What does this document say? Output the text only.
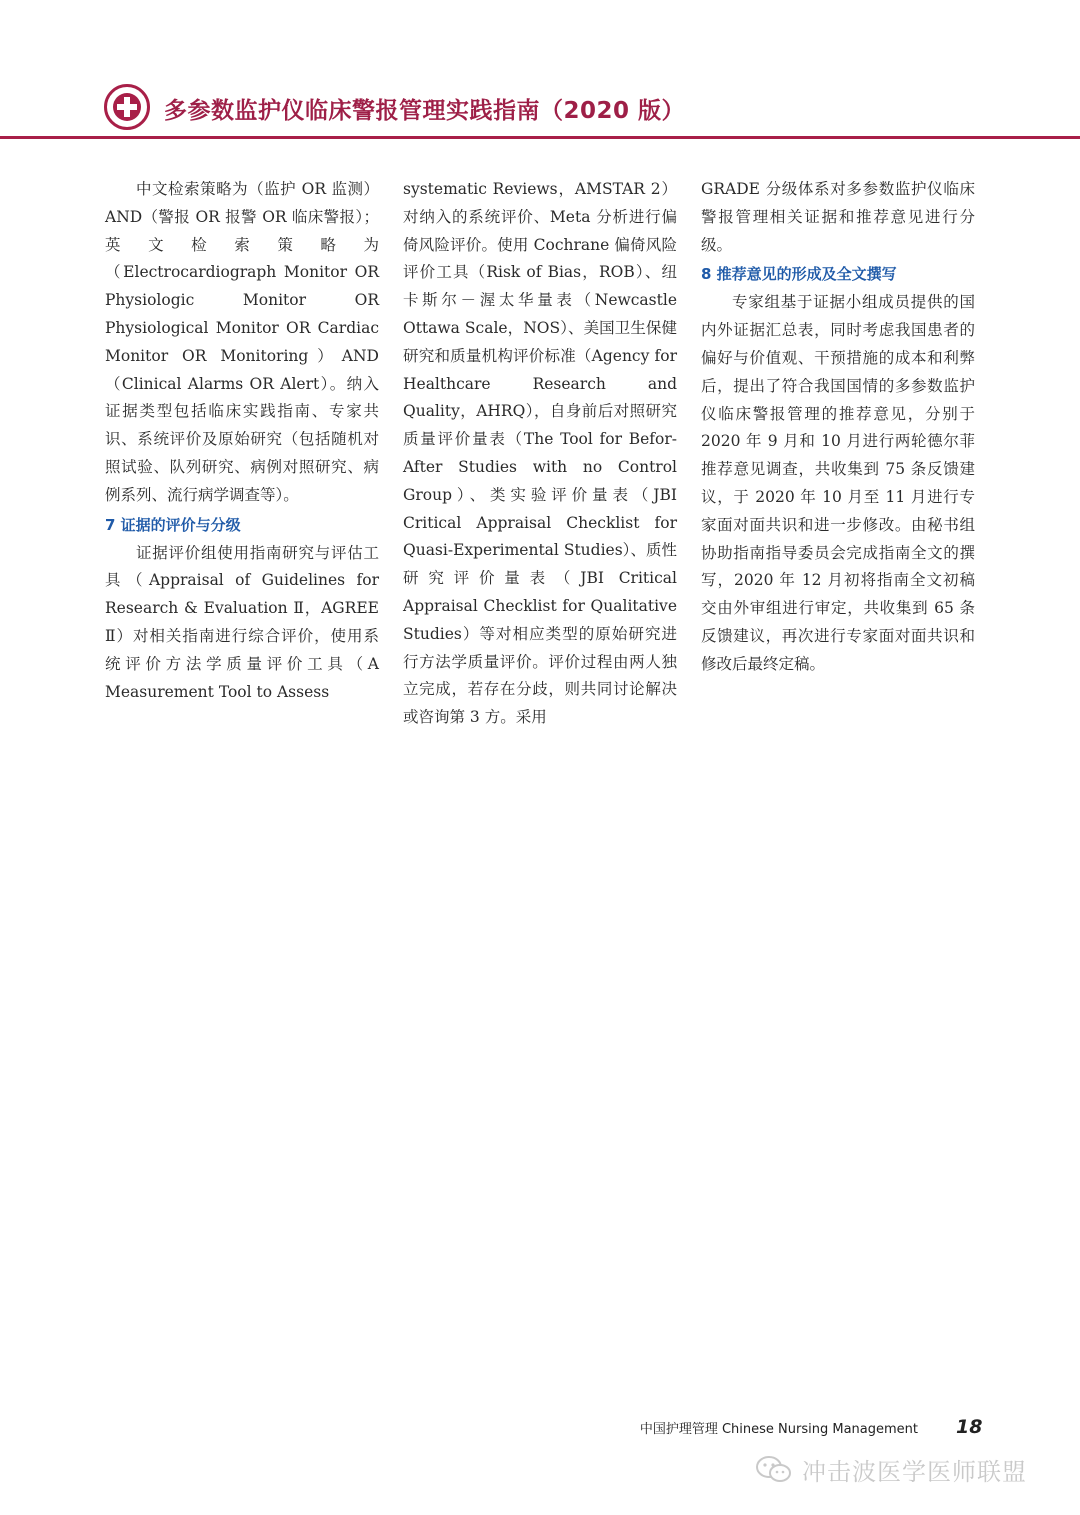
多参数监护仪临床警报管理实践指南（2020 版）

中文检索策略为（监护 OR 监测）AND（警报 OR 报警 OR 临床警报）；英文检索策略为（Electrocardiograph Monitor OR Physiologic Monitor OR Physiological Monitor OR Cardiac Monitor OR Monitoring）AND（Clinical Alarms OR Alert）。纳入证据类型包括临床实践指南、专家共识、系统评价及原始研究（包括随机对照试验、队列研究、病例对照研究、病例系列、流行病学调查等）。

7 证据的评价与分级

证据评价组使用指南研究与评估工具（Appraisal of Guidelines for Research & Evaluation Ⅱ，AGREE Ⅱ）对相关指南进行综合评价，使用系统评价方法学质量评价工具（A Measurement Tool to Assess

systematic Reviews，AMSTAR 2）对纳入的系统评价、Meta 分析进行偏倚风险评价。使用 Cochrane 偏倚风险评价工具（Risk of Bias，ROB）、纽卡斯尔－渥太华量表（Newcastle Ottawa Scale，NOS）、美国卫生保健研究和质量机构评价标准（Agency for Healthcare Research and Quality，AHRQ），自身前后对照研究质量评价量表（The Tool for Befor-After Studies with no Control Group）、类实验评价量表（JBI Critical Appraisal Checklist for Quasi-Experimental Studies）、质性研究评价量表（JBI Critical Appraisal Checklist for Qualitative Studies）等对相应类型的原始研究进行方法学质量评价。评价过程由两人独立完成，若存在分歧，则共同讨论解决或咨询第 3 方。采用

GRADE 分级体系对多参数监护仪临床警报管理相关证据和推荐意见进行分级。

8 推荐意见的形成及全文撰写

专家组基于证据小组成员提供的国内外证据汇总表，同时考虑我国患者的偏好与价值观、干预措施的成本和利弊后，提出了符合我国国情的多参数监护仪临床警报管理的推荐意见，分别于 2020 年 9 月和 10 月进行两轮德尔菲推荐意见调查，共收集到 75 条反馈建议，于 2020 年 10 月至 11 月进行专家面对面共识和进一步修改。由秘书组协助指南指导委员会完成指南全文的撰写，2020 年 12 月初将指南全文初稿交由外审组进行审定，共收集到 65 条反馈建议，再次进行专家面对面共识和修改后最终定稿。

中国护理管理 Chinese Nursing Management 18
冲击波医学医师联盟
